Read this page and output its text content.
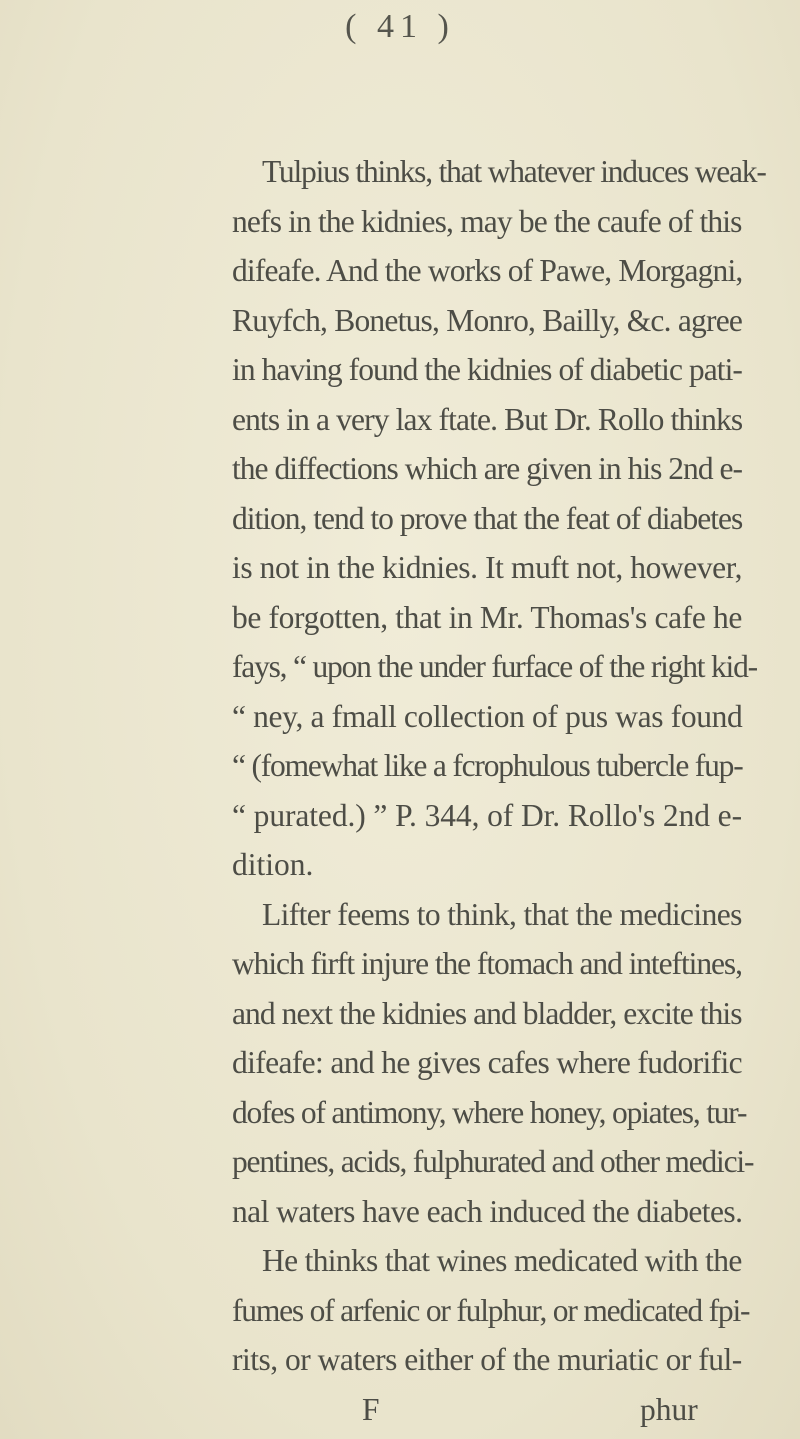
( 41 )
Tulpius thinks, that whatever induces weak-
nefs in the kidnies, may be the caufe of this
difeafe. And the works of Pawe, Morgagni,
Ruyfch, Bonetus, Monro, Bailly, &c. agree
in having found the kidnies of diabetic pati-
ents in a very lax ftate. But Dr. Rollo thinks
the diffections which are given in his 2nd e-
dition, tend to prove that the feat of diabetes
is not in the kidnies. It muft not, however,
be forgotten, that in Mr. Thomas's cafe he
fays, “ upon the under furface of the right kid-
“ ney, a fmall collection of pus was found
“ (fomewhat like a fcrophulous tubercle fup-
“ purated.) ” P. 344, of Dr. Rollo's 2nd e-
dition.
Lifter feems to think, that the medicines
which firft injure the ftomach and inteftines,
and next the kidnies and bladder, excite this
difeafe: and he gives cafes where fudorific
dofes of antimony, where honey, opiates, tur-
pentines, acids, fulphurated and other medici-
nal waters have each induced the diabetes.
He thinks that wines medicated with the
fumes of arfenic or fulphur, or medicated fpi-
rits, or waters either of the muriatic or ful-
F	phur
